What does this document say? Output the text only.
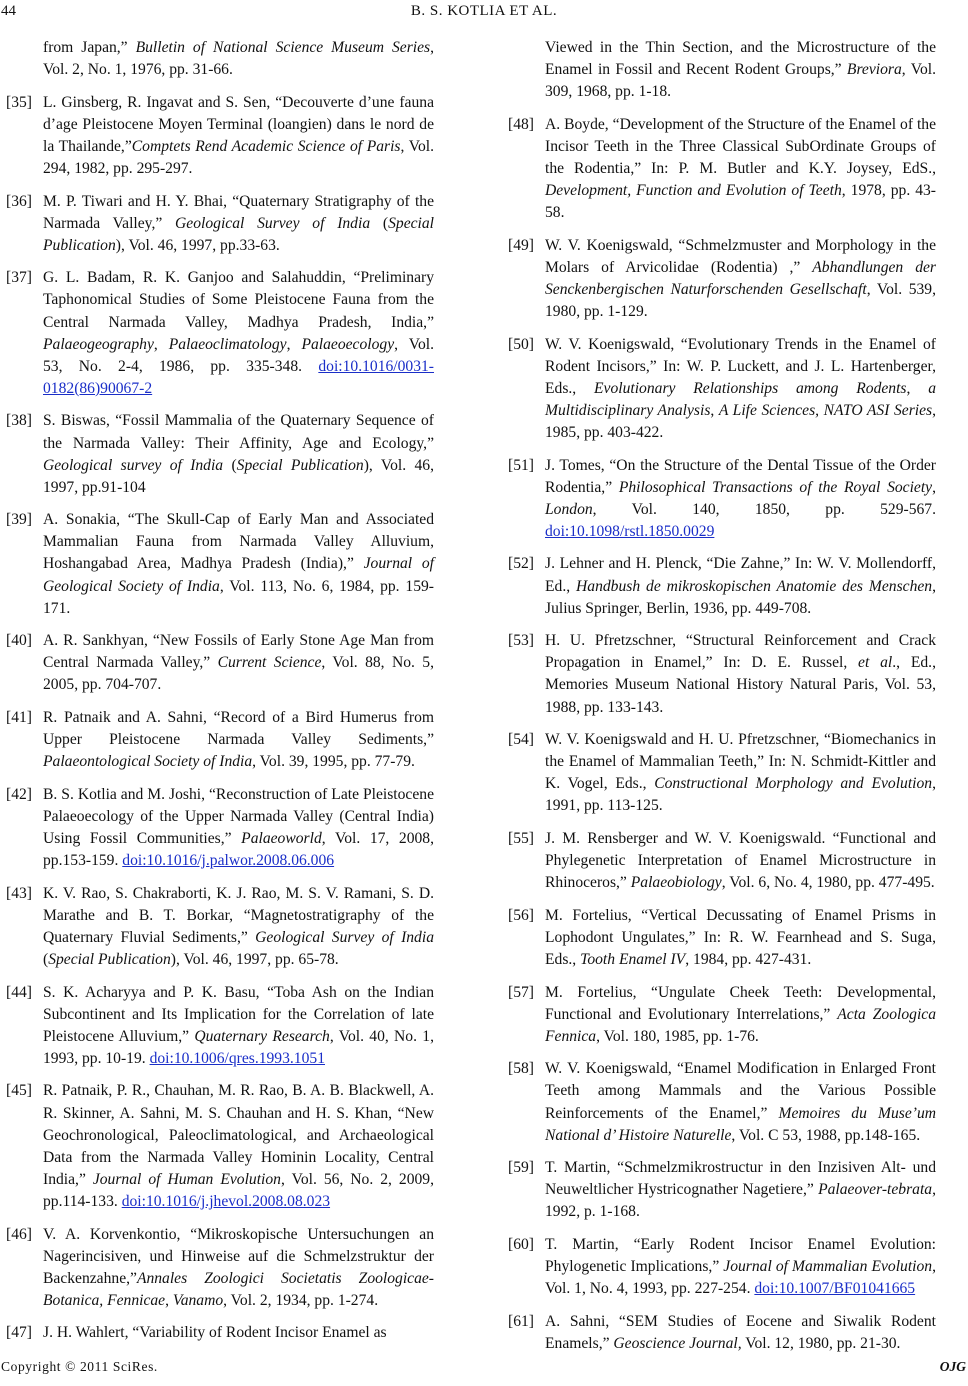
44	B. S. KOTLIA ET AL.
from Japan,” Bulletin of National Science Museum Series, Vol. 2, No. 1, 1976, pp. 31-66.
[35] L. Ginsberg, R. Ingavat and S. Sen, “Decouverte d’une fauna d’age Pleistocene Moyen Terminal (loangien) dans le nord de la Thailande,”Comptets Rend Academic Science of Paris, Vol. 294, 1982, pp. 295-297.
[36] M. P. Tiwari and H. Y. Bhai, “Quaternary Stratigraphy of the Narmada Valley,” Geological Survey of India (Special Publication), Vol. 46, 1997, pp.33-63.
[37] G. L. Badam, R. K. Ganjoo and Salahuddin, “Preliminary Taphonomical Studies of Some Pleistocene Fauna from the Central Narmada Valley, Madhya Pradesh, India,” Palaeogeography, Palaeoclimatology, Palaeoecology, Vol. 53, No. 2-4, 1986, pp. 335-348. doi:10.1016/0031-0182(86)90067-2
[38] S. Biswas, “Fossil Mammalia of the Quaternary Sequence of the Narmada Valley: Their Affinity, Age and Ecology,” Geological survey of India (Special Publication), Vol. 46, 1997, pp.91-104
[39] A. Sonakia, “The Skull-Cap of Early Man and Associated Mammalian Fauna from Narmada Valley Alluvium, Hoshangabad Area, Madhya Pradesh (India),” Journal of Geological Society of India, Vol. 113, No. 6, 1984, pp. 159-171.
[40] A. R. Sankhyan, “New Fossils of Early Stone Age Man from Central Narmada Valley,” Current Science, Vol. 88, No. 5, 2005, pp. 704-707.
[41] R. Patnaik and A. Sahni, “Record of a Bird Humerus from Upper Pleistocene Narmada Valley Sediments,” Palaeontological Society of India, Vol. 39, 1995, pp. 77-79.
[42] B. S. Kotlia and M. Joshi, “Reconstruction of Late Pleistocene Palaeoecology of the Upper Narmada Valley (Central India) Using Fossil Communities,” Palaeoworld, Vol. 17, 2008, pp.153-159. doi:10.1016/j.palwor.2008.06.006
[43] K. V. Rao, S. Chakraborti, K. J. Rao, M. S. V. Ramani, S. D. Marathe and B. T. Borkar, “Magnetostratigraphy of the Quaternary Fluvial Sediments,” Geological Survey of India (Special Publication), Vol. 46, 1997, pp. 65-78.
[44] S. K. Acharyya and P. K. Basu, “Toba Ash on the Indian Subcontinent and Its Implication for the Correlation of late Pleistocene Alluvium,” Quaternary Research, Vol. 40, No. 1, 1993, pp. 10-19. doi:10.1006/qres.1993.1051
[45] R. Patnaik, P. R., Chauhan, M. R. Rao, B. A. B. Blackwell, A. R. Skinner, A. Sahni, M. S. Chauhan and H. S. Khan, “New Geochronological, Paleoclimatological, and Archaeological Data from the Narmada Valley Hominin Locality, Central India,” Journal of Human Evolution, Vol. 56, No. 2, 2009, pp.114-133. doi:10.1016/j.jhevol.2008.08.023
[46] V. A. Korvenkontio, “Mikroskopische Untersuchungen an Nagerincisiven, und Hinweise auf die Schmelzstruktur der Backenzahne,”Annales Zoologici Societatis Zoologicae-Botanica, Fennicae, Vanamo, Vol. 2, 1934, pp. 1-274.
[47] J. H. Wahlert, “Variability of Rodent Incisor Enamel as
Viewed in the Thin Section, and the Microstructure of the Enamel in Fossil and Recent Rodent Groups,” Breviora, Vol. 309, 1968, pp. 1-18.
[48] A. Boyde, “Development of the Structure of the Enamel of the Incisor Teeth in the Three Classical SubOrdinate Groups of the Rodentia,” In: P. M. Butler and K.Y. Joysey, EdS., Development, Function and Evolution of Teeth, 1978, pp. 43-58.
[49] W. V. Koenigswald, “Schmelzmuster and Morphology in the Molars of Arvicolidae (Rodentia) ,” Abhandlungen der Senckenbergischen Naturforschenden Gesellschaft, Vol. 539, 1980, pp. 1-129.
[50] W. V. Koenigswald, “Evolutionary Trends in the Enamel of Rodent Incisors,” In: W. P. Luckett, and J. L. Hartenberger, Eds., Evolutionary Relationships among Rodents, a Multidisciplinary Analysis, A Life Sciences, NATO ASI Series, 1985, pp. 403-422.
[51] J. Tomes, “On the Structure of the Dental Tissue of the Order Rodentia,” Philosophical Transactions of the Royal Society, London, Vol. 140, 1850, pp. 529-567. doi:10.1098/rstl.1850.0029
[52] J. Lehner and H. Plenck, “Die Zahne,” In: W. V. Mollendorff, Ed., Handbush de mikroskopischen Anatomie des Menschen, Julius Springer, Berlin, 1936, pp. 449-708.
[53] H. U. Pfretzschner, “Structural Reinforcement and Crack Propagation in Enamel,” In: D. E. Russel, et al., Ed., Memories Museum National History Natural Paris, Vol. 53, 1988, pp. 133-143.
[54] W. V. Koenigswald and H. U. Pfretzschner, “Biomechanics in the Enamel of Mammalian Teeth,” In: N. Schmidt-Kittler and K. Vogel, Eds., Constructional Morphology and Evolution, 1991, pp. 113-125.
[55] J. M. Rensberger and W. V. Koenigswald. “Functional and Phylegenetic Interpretation of Enamel Microstructure in Rhinoceros,” Palaeobiology, Vol. 6, No. 4, 1980, pp. 477-495.
[56] M. Fortelius, “Vertical Decussating of Enamel Prisms in Lophodont Ungulates,” In: R. W. Fearnhead and S. Suga, Eds., Tooth Enamel IV, 1984, pp. 427-431.
[57] M. Fortelius, “Ungulate Cheek Teeth: Developmental, Functional and Evolutionary Interrelations,” Acta Zoologica Fennica, Vol. 180, 1985, pp. 1-76.
[58] W. V. Koenigswald, “Enamel Modification in Enlarged Front Teeth among Mammals and the Various Possible Reinforcements of the Enamel,” Memoires du Muse’um National d’ Histoire Naturelle, Vol. C 53, 1988, pp.148-165.
[59] T. Martin, “Schmelzmikrostructur in den Inzisiven Alt- und Neuweltlicher Hystricognather Nagetiere,” Palaeover-tebrata, 1992, p. 1-168.
[60] T. Martin, “Early Rodent Incisor Enamel Evolution: Phylogenetic Implications,” Journal of Mammalian Evolution, Vol. 1, No. 4, 1993, pp. 227-254. doi:10.1007/BF01041665
[61] A. Sahni, “SEM Studies of Eocene and Siwalik Rodent Enamels,” Geoscience Journal, Vol. 12, 1980, pp. 21-30.
Copyright © 2011 SciRes.	OJG
